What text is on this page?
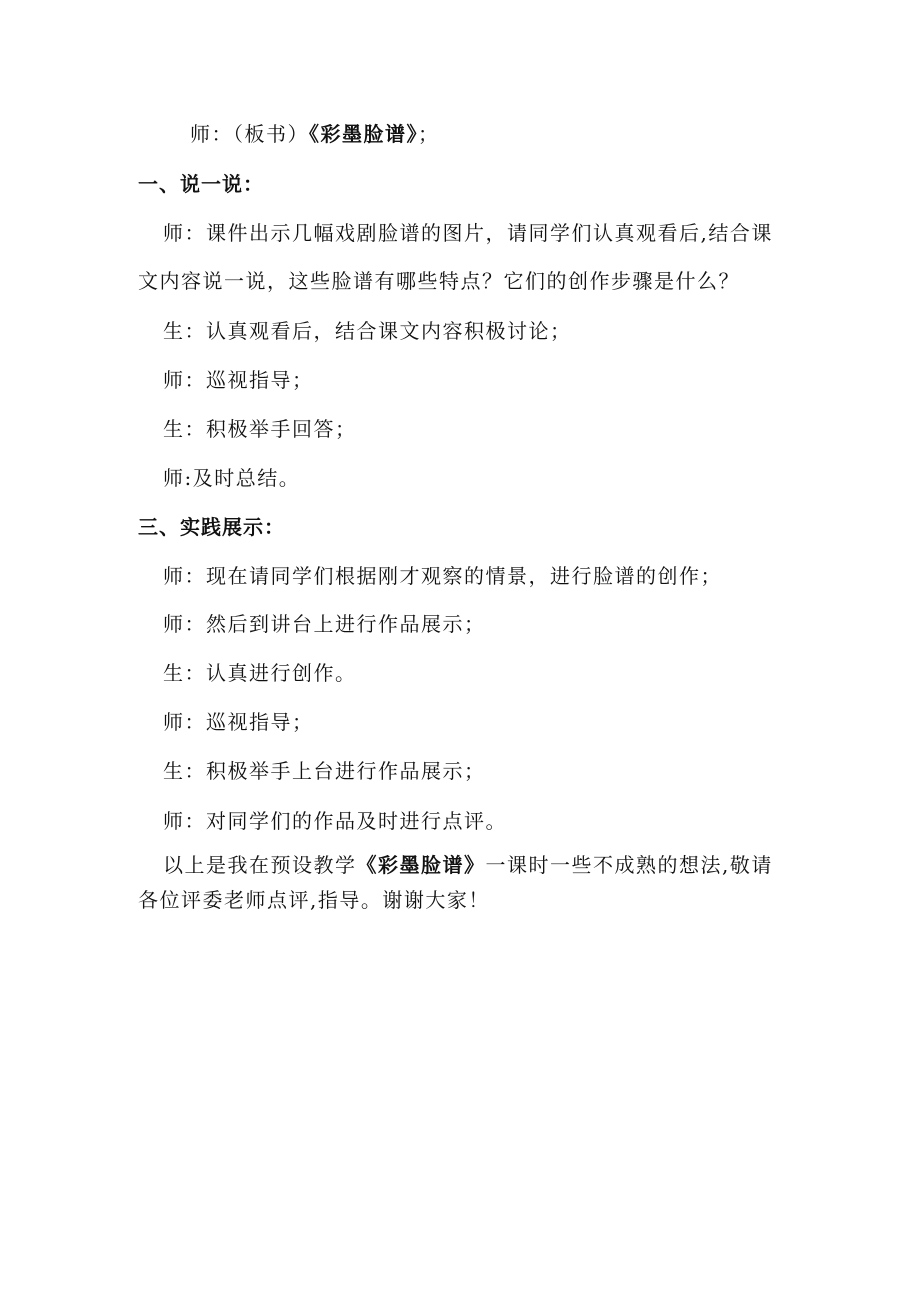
师：（板书）《彩墨脸谱》；
一、说一说：
师：课件出示几幅戏剧脸谱的图片，请同学们认真观看后,结合课
文内容说一说，这些脸谱有哪些特点？它们的创作步骤是什么？
生：认真观看后，结合课文内容积极讨论；
师：巡视指导；
生：积极举手回答；
师:及时总结。
三、实践展示：
师：现在请同学们根据刚才观察的情景，进行脸谱的创作；
师：然后到讲台上进行作品展示；
生：认真进行创作。
师：巡视指导；
生：积极举手上台进行作品展示；
师：对同学们的作品及时进行点评。
以上是我在预设教学《彩墨脸谱》一课时一些不成熟的想法,敬请
各位评委老师点评,指导。谢谢大家！
